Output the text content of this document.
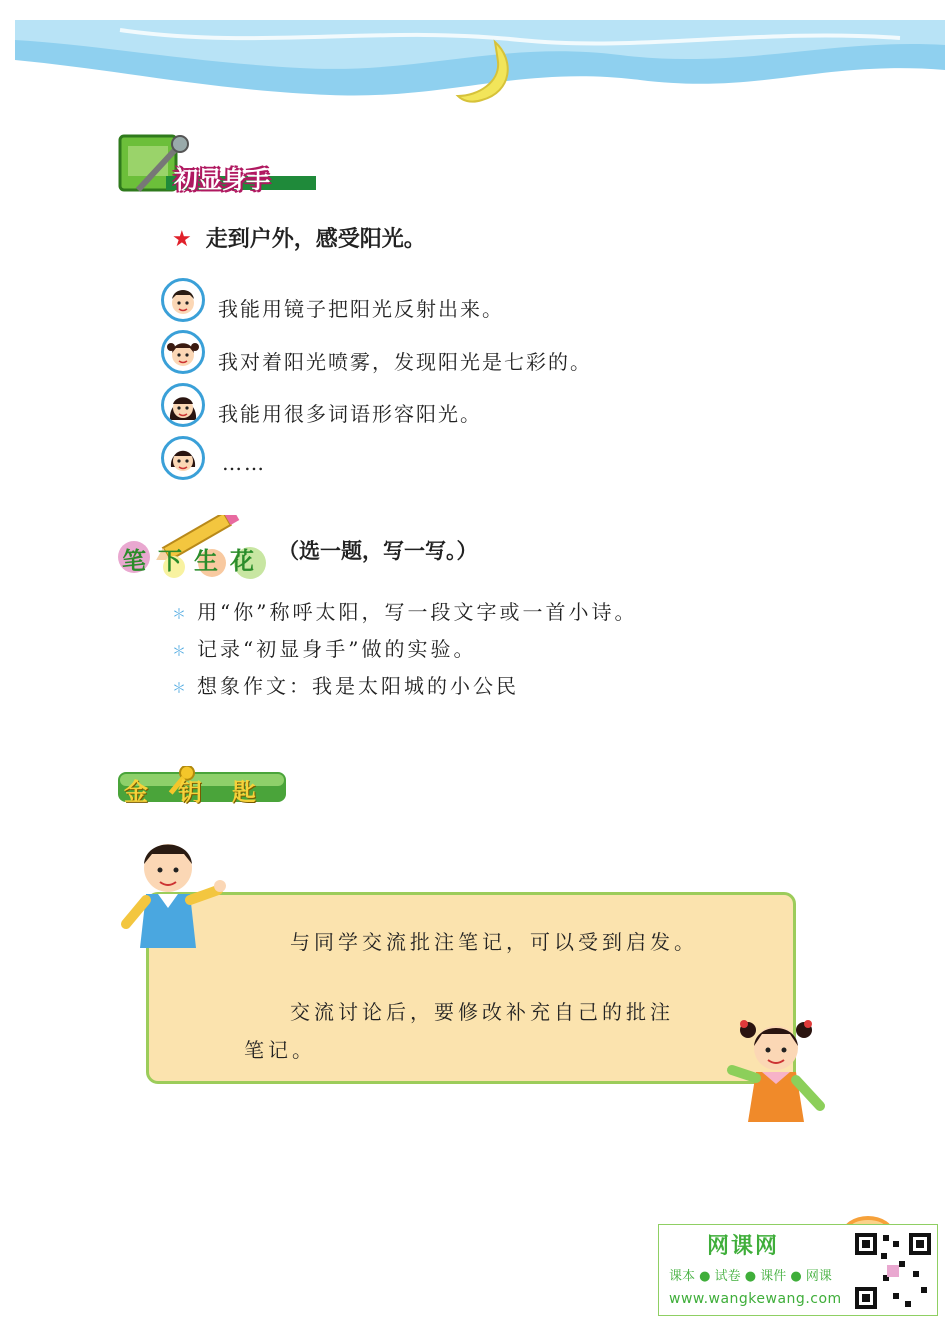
初显身手
★ 走到户外，感受阳光。
我能用镜子把阳光反射出来。
我对着阳光喷雾，发现阳光是七彩的。
我能用很多词语形容阳光。
……
笔下生花 （选一题，写一写。）
＊ 用“你”称呼太阳，写一段文字或一首小诗。
＊ 记录“初显身手”做的实验。
＊ 想象作文：我是太阳城的小公民
金钥匙
与同学交流批注笔记，可以受到启发。
交流讨论后，要修改补充自己的批注
笔记。
网课网
课本 ● 试卷 ● 课件 ● 网课
www.wangkewang.com
